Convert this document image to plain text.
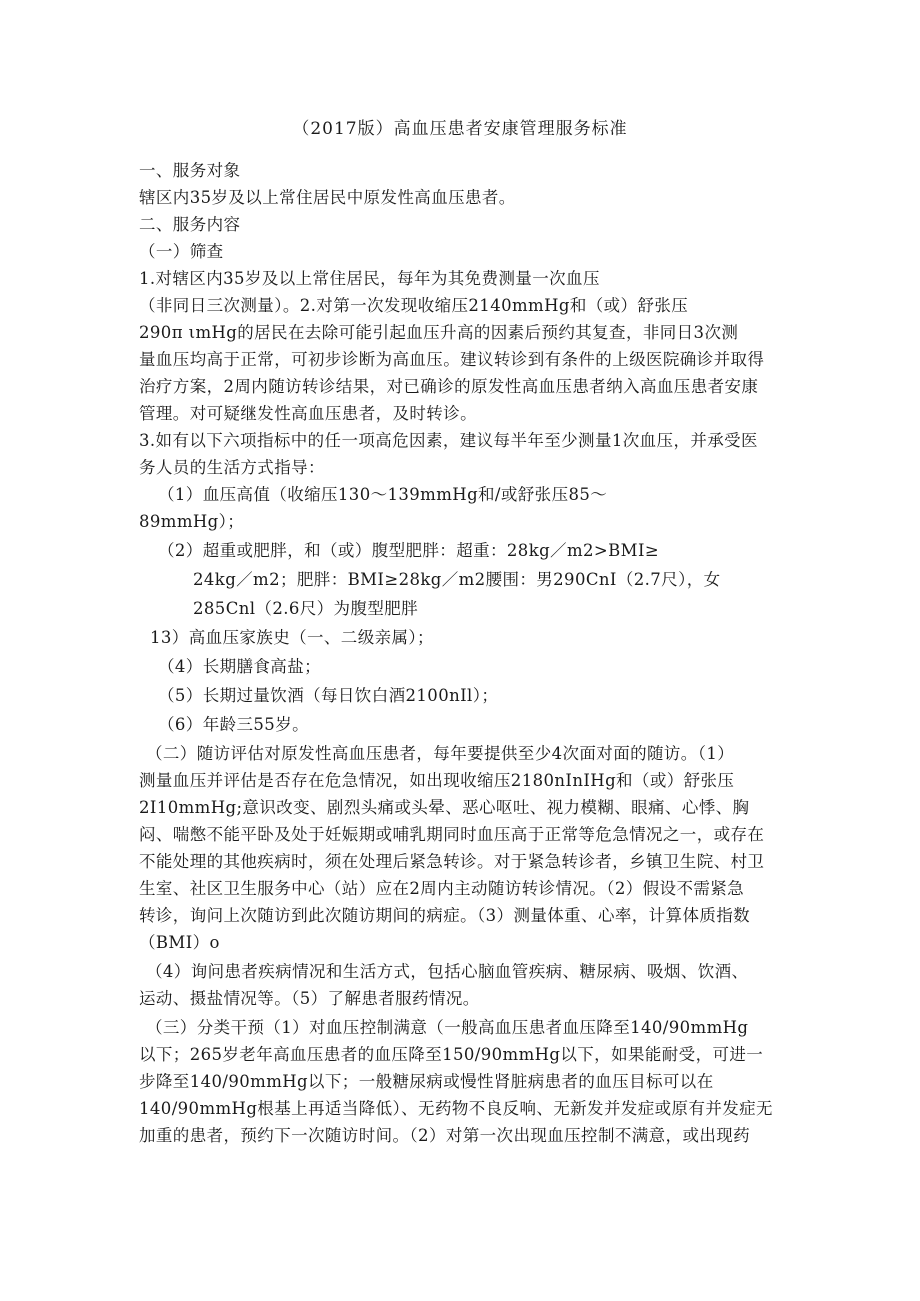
（2017版）高血压患者安康管理服务标准
一、服务对象
辖区内35岁及以上常住居民中原发性高血压患者。
二、服务内容
（一）筛查
1.对辖区内35岁及以上常住居民，每年为其免费测量一次血压
（非同日三次测量）。2.对第一次发现收缩压2140mmHg和（或）舒张压
290π ιmHg的居民在去除可能引起血压升高的因素后预约其复查，非同日3次测
量血压均高于正常，可初步诊断为高血压。建议转诊到有条件的上级医院确诊并取得
治疗方案，2周内随访转诊结果，对已确诊的原发性高血压患者纳入高血压患者安康
管理。对可疑继发性高血压患者，及时转诊。
3.如有以下六项指标中的任一项高危因素，建议每半年至少测量1次血压，并承受医
务人员的生活方式指导：
（1）血压高值（收缩压130～139mmHg和/或舒张压85～
89mmHg）；
（2）超重或肥胖，和（或）腹型肥胖：超重：28kg／m2>BMI≥
24kg／m2；肥胖：BMI≥28kg／m2腰围：男290CnI（2.7尺），女
285Cnl（2.6尺）为腹型肥胖
13）高血压家族史（一、二级亲属）；
（4）长期膳食高盐；
（5）长期过量饮酒（每日饮白酒2100nIl）；
（6）年龄三55岁。
（二）随访评估对原发性高血压患者，每年要提供至少4次面对面的随访。（1）
测量血压并评估是否存在危急情况，如出现收缩压2180nInIHg和（或）舒张压
2I10mmHg;意识改变、剧烈头痛或头晕、恶心呕吐、视力模糊、眼痛、心悸、胸
闷、喘憋不能平卧及处于妊娠期或哺乳期同时血压高于正常等危急情况之一，或存在
不能处理的其他疾病时，须在处理后紧急转诊。对于紧急转诊者，乡镇卫生院、村卫
生室、社区卫生服务中心（站）应在2周内主动随访转诊情况。（2）假设不需紧急
转诊，询问上次随访到此次随访期间的病症。（3）测量体重、心率，计算体质指数
（BMI）o
（4）询问患者疾病情况和生活方式，包括心脑血管疾病、糖尿病、吸烟、饮酒、
运动、摄盐情况等。（5）了解患者服药情况。
（三）分类干预（1）对血压控制满意（一般高血压患者血压降至140/90mmHg
以下；265岁老年高血压患者的血压降至150/90mmHg以下，如果能耐受，可进一
步降至140/90mmHg以下；一般糖尿病或慢性肾脏病患者的血压目标可以在
140/90mmHg根基上再适当降低）、无药物不良反响、无新发并发症或原有并发症无
加重的患者，预约下一次随访时间。（2）对第一次出现血压控制不满意，或出现药
